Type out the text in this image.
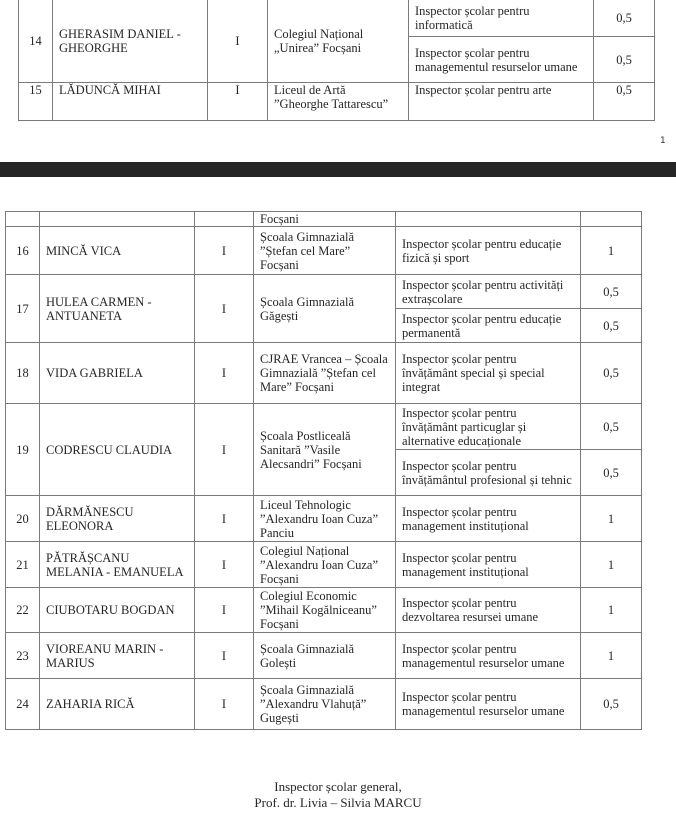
14	GHERASIM DANIEL - GHEORGHE	I	Colegiul Național „Unirea” Focșani	Inspector școlar pentru informatică	0,5
				Inspector școlar pentru managementul resurselor umane	0,5
15	LĂDUNCĂ MIHAI	I	Liceul de Artă ”Gheorghe Tattarescu”	Inspector școlar pentru arte	0,5
1
			Focșani		
16	MINCĂ VICA	I	Școala Gimnazială ”Ștefan cel Mare” Focșani	Inspector școlar pentru educație fizică și sport	1
17	HULEA CARMEN - ANTUANETA	I	Școala Gimnazială Găgești	Inspector școlar pentru activități extrașcolare	0,5
				Inspector școlar pentru educație permanentă	0,5
18	VIDA GABRIELA	I	CJRAE Vrancea – Școala Gimnazială ”Ștefan cel Mare” Focșani	Inspector școlar pentru învățământ special și special integrat	0,5
19	CODRESCU CLAUDIA	I	Școala Postliceală Sanitară ”Vasile Alecsandri” Focșani	Inspector școlar pentru învățământ particuglar și alternative educaționale	0,5
				Inspector școlar pentru învățământul profesional și tehnic	0,5
20	DĂRMĂNESCU ELEONORA	I	Liceul Tehnologic ”Alexandru Ioan Cuza” Panciu	Inspector școlar pentru management instituțional	1
21	PĂTRĂȘCANU MELANIA - EMANUELA	I	Colegiul Național ”Alexandru Ioan Cuza” Focșani	Inspector școlar pentru management instituțional	1
22	CIUBOTARU BOGDAN	I	Colegiul Economic ”Mihail Kogălniceanu” Focșani	Inspector școlar pentru dezvoltarea resursei umane	1
23	VIOREANU MARIN - MARIUS	I	Școala Gimnazială Golești	Inspector școlar pentru managementul resurselor umane	1
24	ZAHARIA RICĂ	I	Școala Gimnazială ”Alexandru Vlahuță” Gugești	Inspector școlar pentru managementul resurselor umane	0,5
Inspector școlar general,
Prof. dr. Livia – Silvia MARCU
